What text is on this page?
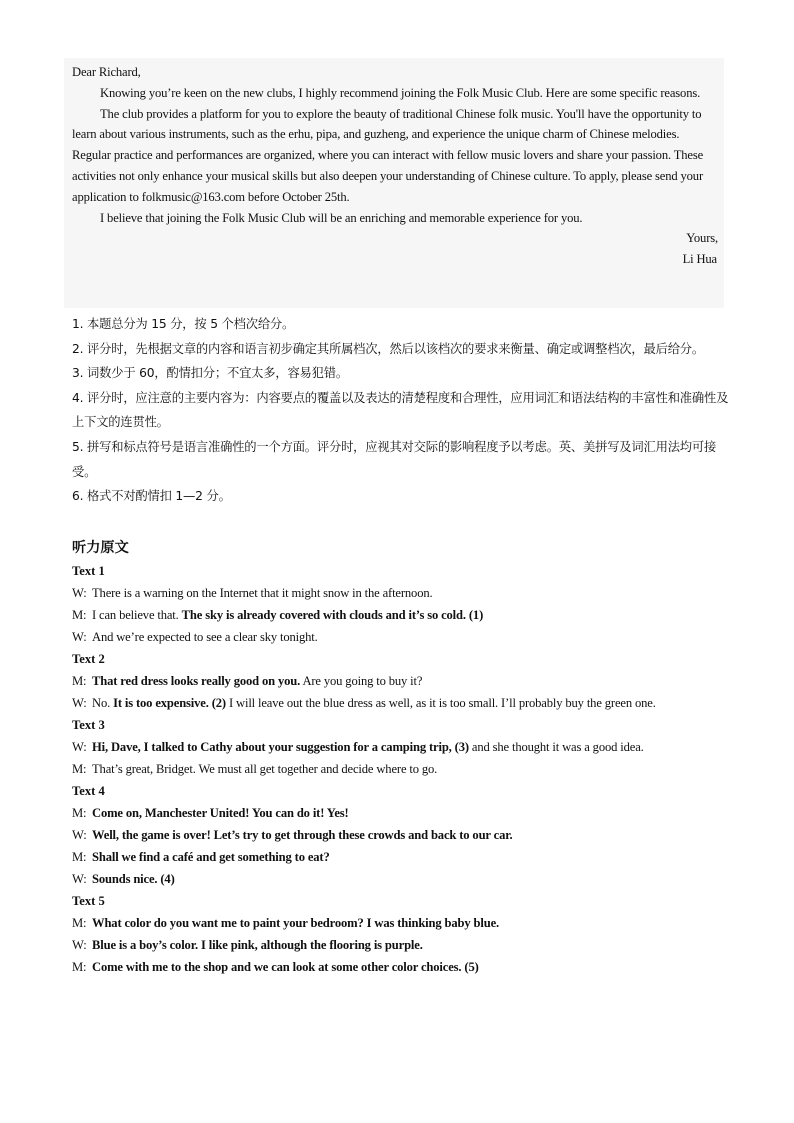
Dear Richard,

Knowing you’re keen on the new clubs, I highly recommend joining the Folk Music Club. Here are some specific reasons.

The club provides a platform for you to explore the beauty of traditional Chinese folk music. You'll have the opportunity to learn about various instruments, such as the erhu, pipa, and guzheng, and experience the unique charm of Chinese melodies. Regular practice and performances are organized, where you can interact with fellow music lovers and share your passion. These activities not only enhance your musical skills but also deepen your understanding of Chinese culture. To apply, please send your application to folkmusic@163.com before October 25th.

I believe that joining the Folk Music Club will be an enriching and memorable experience for you.

Yours,

Li Hua

1. 本题总分为 15 分，按 5 个档次给分。

2. 评分时，先根据文章的内容和语言初步确定其所属档次，然后以该档次的要求来衡量、确定或调整档次，最后给分。

3. 词数少于 60，酌情扣分；不宜太多，容易犯错。

4. 评分时，应注意的主要内容为：内容要点的覆盖以及表达的清楚程度和合理性，应用词汇和语法结构的丰富性和准确性及上下文的连贯性。

5. 拼写和标点符号是语言准确性的一个方面。评分时，应视其对交际的影响程度予以考虑。英、美拼写及词汇用法均可接受。

6. 格式不对酌情扣 1—2 分。

听力原文

Text 1

W: There is a warning on the Internet that it might snow in the afternoon.

M: I can believe that. The sky is already covered with clouds and it’s so cold. (1)

W: And we’re expected to see a clear sky tonight.

Text 2

M: That red dress looks really good on you. Are you going to buy it?

W: No. It is too expensive. (2) I will leave out the blue dress as well, as it is too small. I’ll probably buy the green one.

Text 3

W: Hi, Dave, I talked to Cathy about your suggestion for a camping trip, (3) and she thought it was a good idea.

M: That’s great, Bridget. We must all get together and decide where to go.

Text 4

M: Come on, Manchester United! You can do it! Yes!

W: Well, the game is over! Let’s try to get through these crowds and back to our car.

M: Shall we find a café and get something to eat?

W: Sounds nice. (4)

Text 5

M: What color do you want me to paint your bedroom? I was thinking baby blue.

W: Blue is a boy’s color. I like pink, although the flooring is purple.

M: Come with me to the shop and we can look at some other color choices. (5)
